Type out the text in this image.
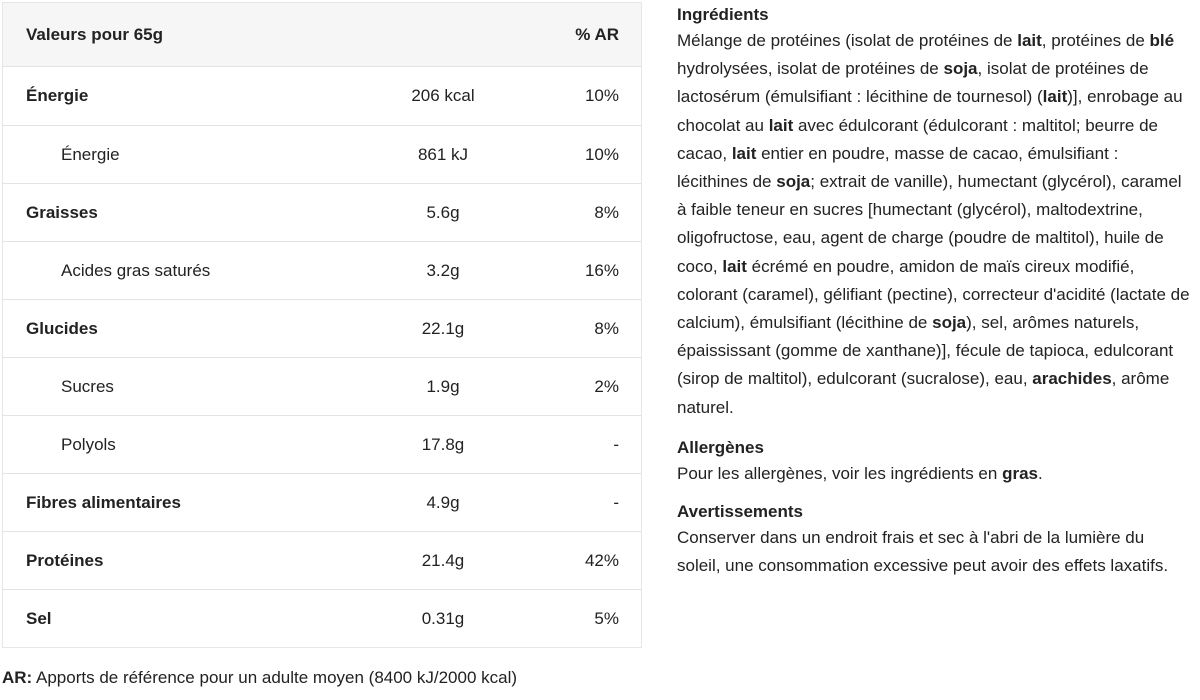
Valeurs pour 65g	% AR
Énergie	206 kcal	10%
Énergie	861 kJ	10%
Graisses	5.6g	8%
Acides gras saturés	3.2g	16%
Glucides	22.1g	8%
Sucres	1.9g	2%
Polyols	17.8g	-
Fibres alimentaires	4.9g	-
Protéines	21.4g	42%
Sel	0.31g	5%
AR: Apports de référence pour un adulte moyen (8400 kJ/2000 kcal)

Ingrédients

Mélange de protéines (isolat de protéines de lait, protéines de blé hydrolysées, isolat de protéines de soja, isolat de protéines de lactosérum (émulsifiant : lécithine de tournesol) (lait)], enrobage au chocolat au lait avec édulcorant (édulcorant : maltitol; beurre de cacao, lait entier en poudre, masse de cacao, émulsifiant : lécithines de soja; extrait de vanille), humectant (glycérol), caramel à faible teneur en sucres [humectant (glycérol), maltodextrine, oligofructose, eau, agent de charge (poudre de maltitol), huile de coco, lait écrémé en poudre, amidon de maïs cireux modifié, colorant (caramel), gélifiant (pectine), correcteur d'acidité (lactate de calcium), émulsifiant (lécithine de soja), sel, arômes naturels, épaississant (gomme de xanthane)], fécule de tapioca, edulcorant (sirop de maltitol), edulcorant (sucralose), eau, arachides, arôme naturel.

Allergènes

Pour les allergènes, voir les ingrédients en gras.

Avertissements

Conserver dans un endroit frais et sec à l'abri de la lumière du soleil, une consommation excessive peut avoir des effets laxatifs.
